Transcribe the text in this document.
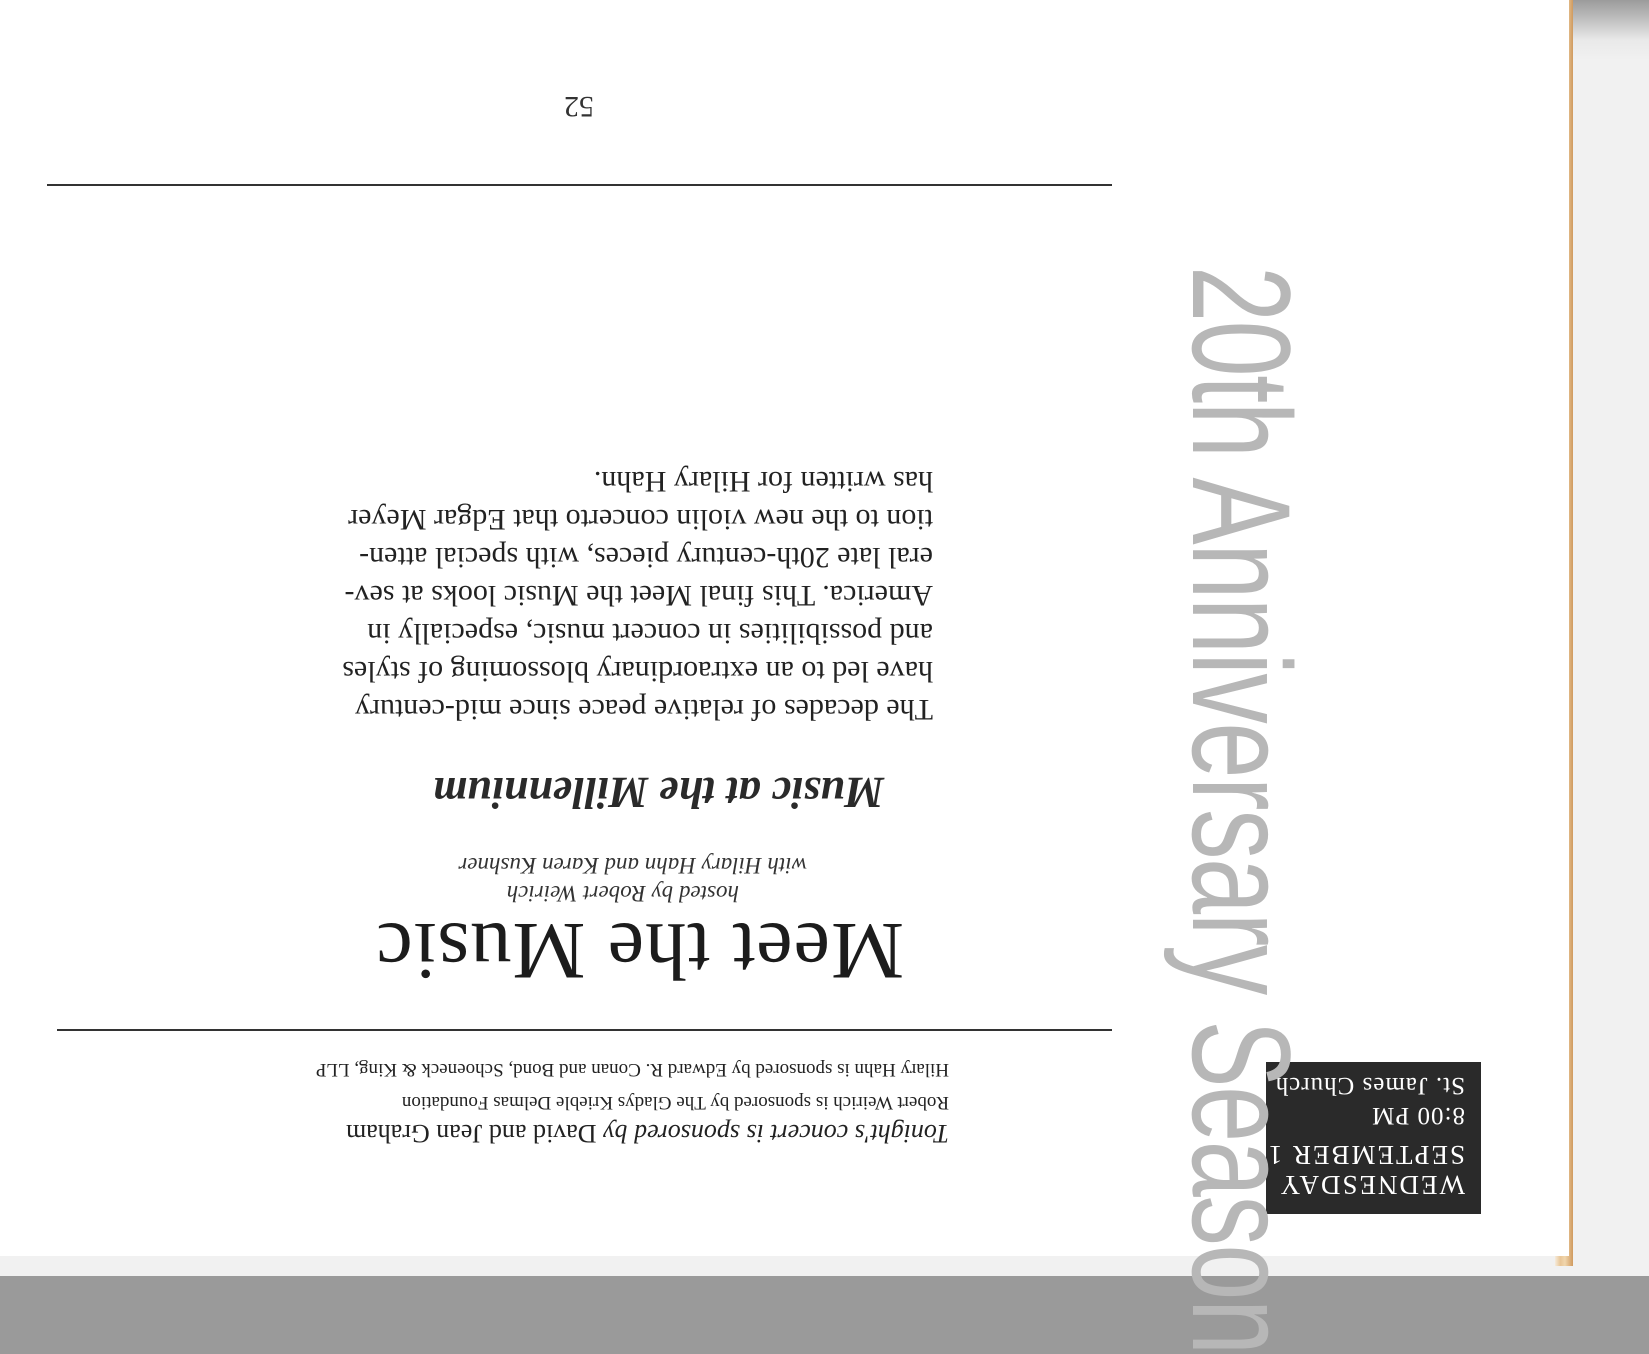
WEDNESDAY
SEPTEMBER 1
8:00 PM
St. James Church
20th Anniversary Season
Tonight's concert is sponsored by David and Jean Graham
Robert Weirich is sponsored by The Gladys Krieble Delmas Foundation
Hilary Hahn is sponsored by Edward R. Conan and Bond, Schoeneck & King, LLP
Meet the Music
hosted by Robert Weirich
with Hilary Hahn and Karen Kushner
Music at the Millennium
The decades of relative peace since mid-century
have led to an extraordinary blossoming of styles
and possibilities in concert music, especially in
America. This final Meet the Music looks at sev-
eral late 20th-century pieces, with special atten-
tion to the new violin concerto that Edgar Meyer
has written for Hilary Hahn.
52
